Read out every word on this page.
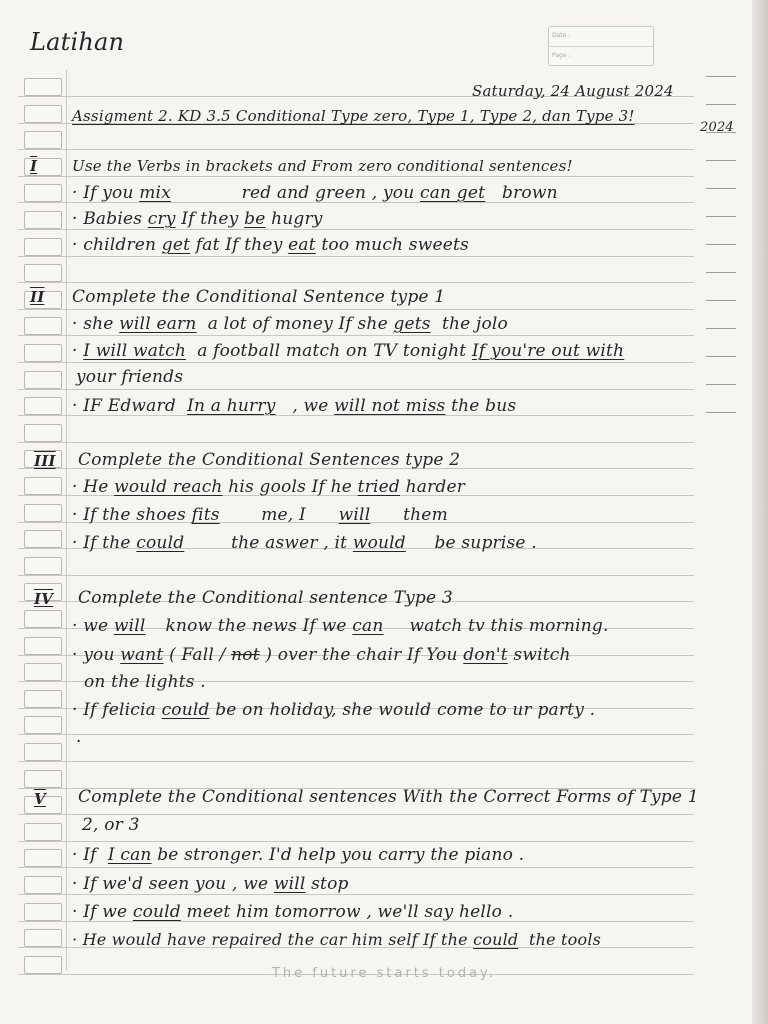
Date :
Page :
Latihan
Saturday, 24 August 2024
Assigment 2. KD 3.5 Conditional Type zero, Type 1, Type 2, dan Type 3!
2024
I Use the Verbs in brackets and From zero conditional sentences!
· If you mix	red and green , you can get brown
· Babies cry If they be hugry
· children get fat If they eat too much sweets
II Complete the Conditional Sentence type 1
· she will earn a lot of money If she gets the jolo
· I will watch a football match on TV tonight If you're out with
your friends
· IF Edward In a hurry , we will not miss the bus
III Complete the Conditional Sentences type 2
· He would reach his gools If he tried harder
· If the shoes fits me, I will them
· If the could	the aswer , it would be suprise .
IV Complete the Conditional sentence Type 3
· we will know the news If we can watch tv this morning.
· you want ( Fall / not ) over the chair If You don't switch
on the lights .
· If felicia could be on holiday, she would come to ur party .
·
V Complete the Conditional sentences With the Correct Forms of Type 1
2, or 3
· If I can be stronger. I'd help you carry the piano .
· If we'd seen you , we will stop
· If we could meet him tomorrow , we'll say hello .
· He would have repaired the car him self If the could the tools
The future starts today.
